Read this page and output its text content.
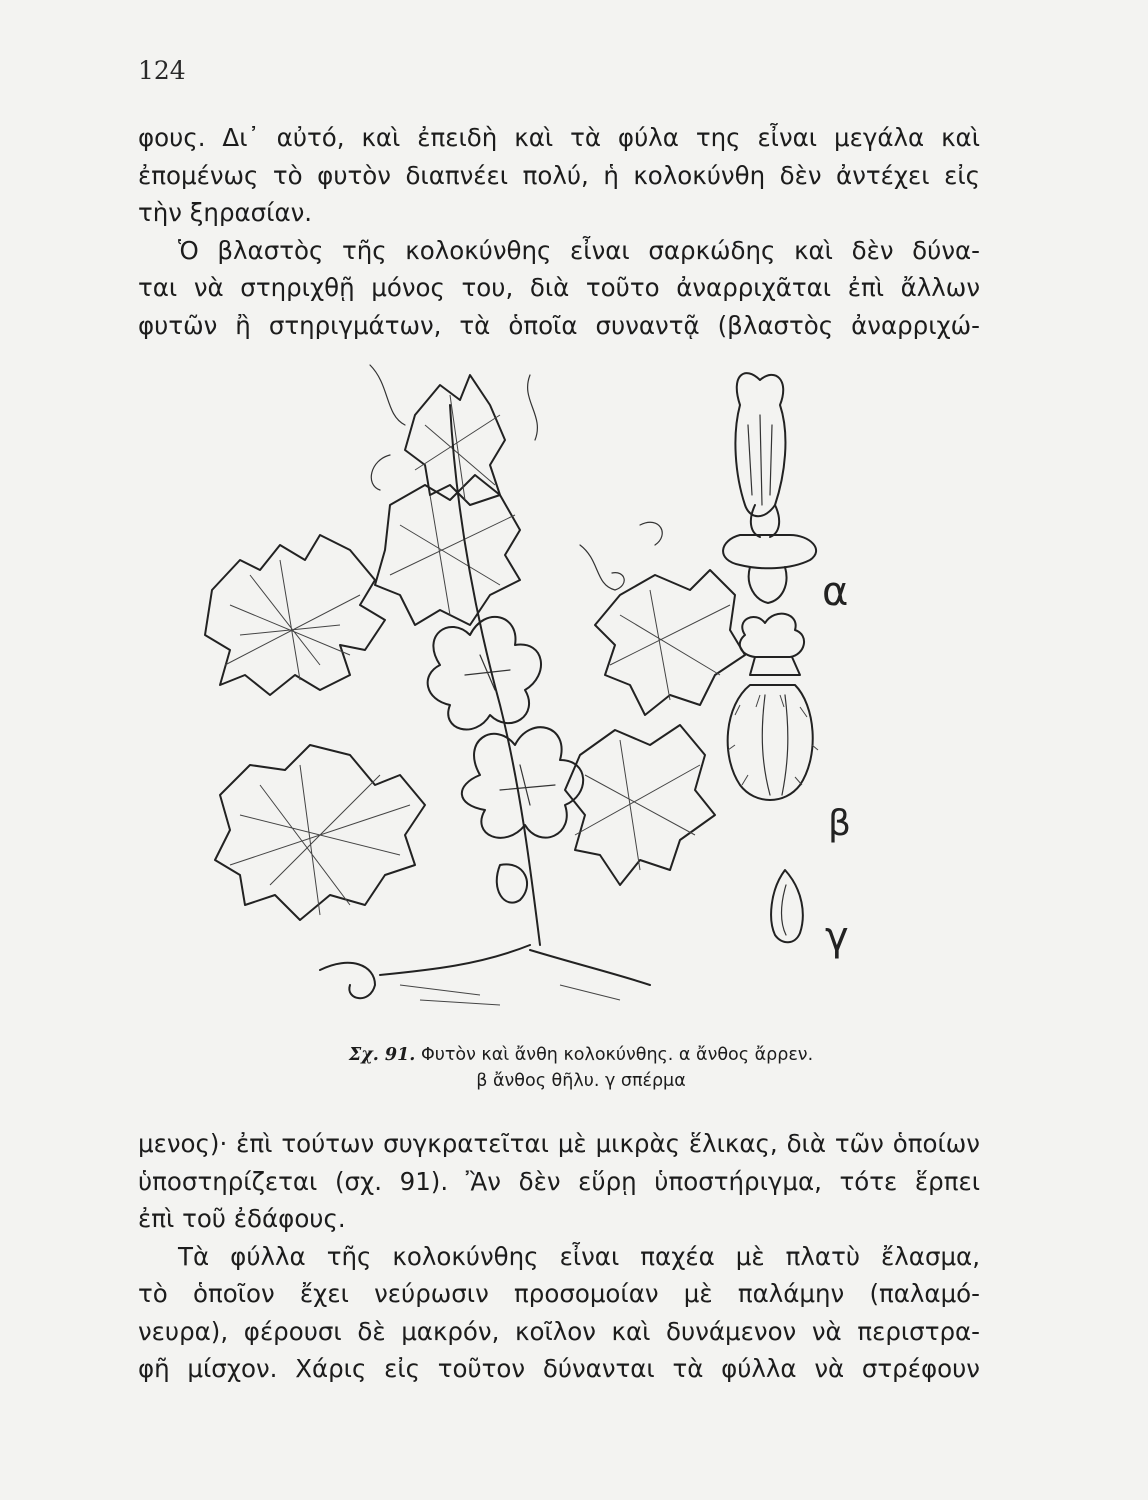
124
φους. Δι᾽ αὐτό, καὶ ἐπειδὴ καὶ τὰ φύλα της εἶναι μεγάλα καὶ
ἐπομένως τὸ φυτὸν διαπνέει πολύ, ἡ κολοκύνθη δὲν ἀντέχει εἰς
τὴν ξηρασίαν.
Ὁ βλαστὸς τῆς κολοκύνθης εἶναι σαρκώδης καὶ δὲν δύνα-
ται νὰ στηριχθῇ μόνος του, διὰ τοῦτο ἀναρριχᾶται ἐπὶ ἄλλων
φυτῶν ἢ στηριγμάτων, τὰ ὁποῖα συναντᾷ (βλαστὸς ἀναρριχώ-
α
β
γ
Σχ. 91. Φυτὸν καὶ ἄνθη κολοκύνθης. α ἄνθος ἄρρεν.
β ἄνθος θῆλυ. γ σπέρμα
μενος)· ἐπὶ τούτων συγκρατεῖται μὲ μικρὰς ἕλικας, διὰ τῶν ὁποίων
ὑποστηρίζεται (σχ. 91). Ἂν δὲν εὕρῃ ὑποστήριγμα, τότε ἕρπει
ἐπὶ τοῦ ἐδάφους.
Τὰ φύλλα τῆς κολοκύνθης εἶναι παχέα μὲ πλατὺ ἔλασμα,
τὸ ὁποῖον ἔχει νεύρωσιν προσομοίαν μὲ παλάμην (παλαμό-
νευρα), φέρουσι δὲ μακρόν, κοῖλον καὶ δυνάμενον νὰ περιστρα-
φῆ μίσχον. Χάρις εἰς τοῦτον δύνανται τὰ φύλλα νὰ στρέφουν
